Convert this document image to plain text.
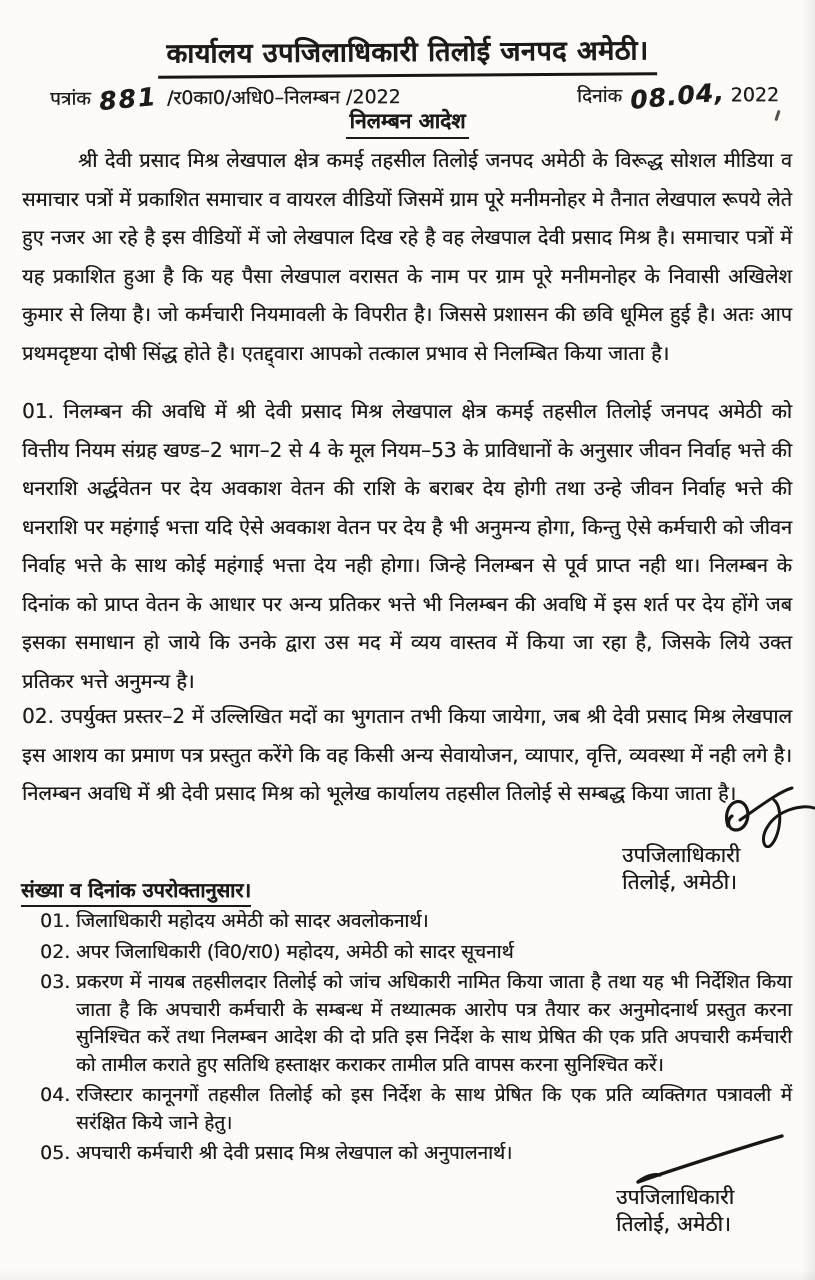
कार्यालय उपजिलाधिकारी तिलोई जनपद अमेठी।
पत्रांक 881 /र0का0/अधि0–निलम्बन /2022	दिनांक 08.04, 2022
निलम्बन आदेश

श्री देवी प्रसाद मिश्र लेखपाल क्षेत्र कमई तहसील तिलोई जनपद अमेठी के विरूद्ध सोशल मीडिया व समाचार पत्रों में प्रकाशित समाचार व वायरल वीडियों जिसमें ग्राम पूरे मनीमनोहर मे तैनात लेखपाल रूपये लेते हुए नजर आ रहे है इस वीडियों में जो लेखपाल दिख रहे है वह लेखपाल देवी प्रसाद मिश्र है। समाचार पत्रों में यह प्रकाशित हुआ है कि यह पैसा लेखपाल वरासत के नाम पर ग्राम पूरे मनीमनोहर के निवासी अखिलेश कुमार से लिया है। जो कर्मचारी नियमावली के विपरीत है। जिससे प्रशासन की छवि धूमिल हुई है। अतः आप प्रथमदृष्टया दोषी सिंद्ध होते है। एतद्द्वारा आपको तत्काल प्रभाव से निलम्बित किया जाता है।

01. निलम्बन की अवधि में श्री देवी प्रसाद मिश्र लेखपाल क्षेत्र कमई तहसील तिलोई जनपद अमेठी को वित्तीय नियम संग्रह खण्ड–2 भाग–2 से 4 के मूल नियम–53 के प्राविधानों के अनुसार जीवन निर्वाह भत्ते की धनराशि अर्द्धवेतन पर देय अवकाश वेतन की राशि के बराबर देय होगी तथा उन्हे जीवन निर्वाह भत्ते की धनराशि पर महंगाई भत्ता यदि ऐसे अवकाश वेतन पर देय है भी अनुमन्य होगा, किन्तु ऐसे कर्मचारी को जीवन निर्वाह भत्ते के साथ कोई महंगाई भत्ता देय नही होगा। जिन्हे निलम्बन से पूर्व प्राप्त नही था। निलम्बन के दिनांक को प्राप्त वेतन के आधार पर अन्य प्रतिकर भत्ते भी निलम्बन की अवधि में इस शर्त पर देय होंगे जब इसका समाधान हो जाये कि उनके द्वारा उस मद में व्यय वास्तव में किया जा रहा है, जिसके लिये उक्त प्रतिकर भत्ते अनुमन्य है।

02. उपर्युक्त प्रस्तर–2 में उल्लिखित मदों का भुगतान तभी किया जायेगा, जब श्री देवी प्रसाद मिश्र लेखपाल इस आशय का प्रमाण पत्र प्रस्तुत करेंगे कि वह किसी अन्य सेवायोजन, व्यापार, वृत्ति, व्यवस्था में नही लगे है। निलम्बन अवधि में श्री देवी प्रसाद मिश्र को भूलेख कार्यालय तहसील तिलोई से सम्बद्ध किया जाता है।

उपजिलाधिकारी
तिलोई, अमेठी।
संख्या व दिनांक उपरोक्तानुसार।
01. जिलाधिकारी महोदय अमेठी को सादर अवलोकनार्थ।
02. अपर जिलाधिकारी (वि0/रा0) महोदय, अमेठी को सादर सूचनार्थ
03. प्रकरण में नायब तहसीलदार तिलोई को जांच अधिकारी नामित किया जाता है तथा यह भी निर्देशित किया जाता है कि अपचारी कर्मचारी के सम्बन्ध में तथ्यात्मक आरोप पत्र तैयार कर अनुमोदनार्थ प्रस्तुत करना सुनिश्चित करें तथा निलम्बन आदेश की दो प्रति इस निर्देश के साथ प्रेषित की एक प्रति अपचारी कर्मचारी को तामील कराते हुए सतिथि हस्ताक्षर कराकर तामील प्रति वापस करना सुनिश्चित करें।
04. रजिस्टार कानूनगों तहसील तिलोई को इस निर्देश के साथ प्रेषित कि एक प्रति व्यक्तिगत पत्रावली में सरंक्षित किये जाने हेतु।
05. अपचारी कर्मचारी श्री देवी प्रसाद मिश्र लेखपाल को अनुपालनार्थ।
उपजिलाधिकारी
तिलोई, अमेठी।
